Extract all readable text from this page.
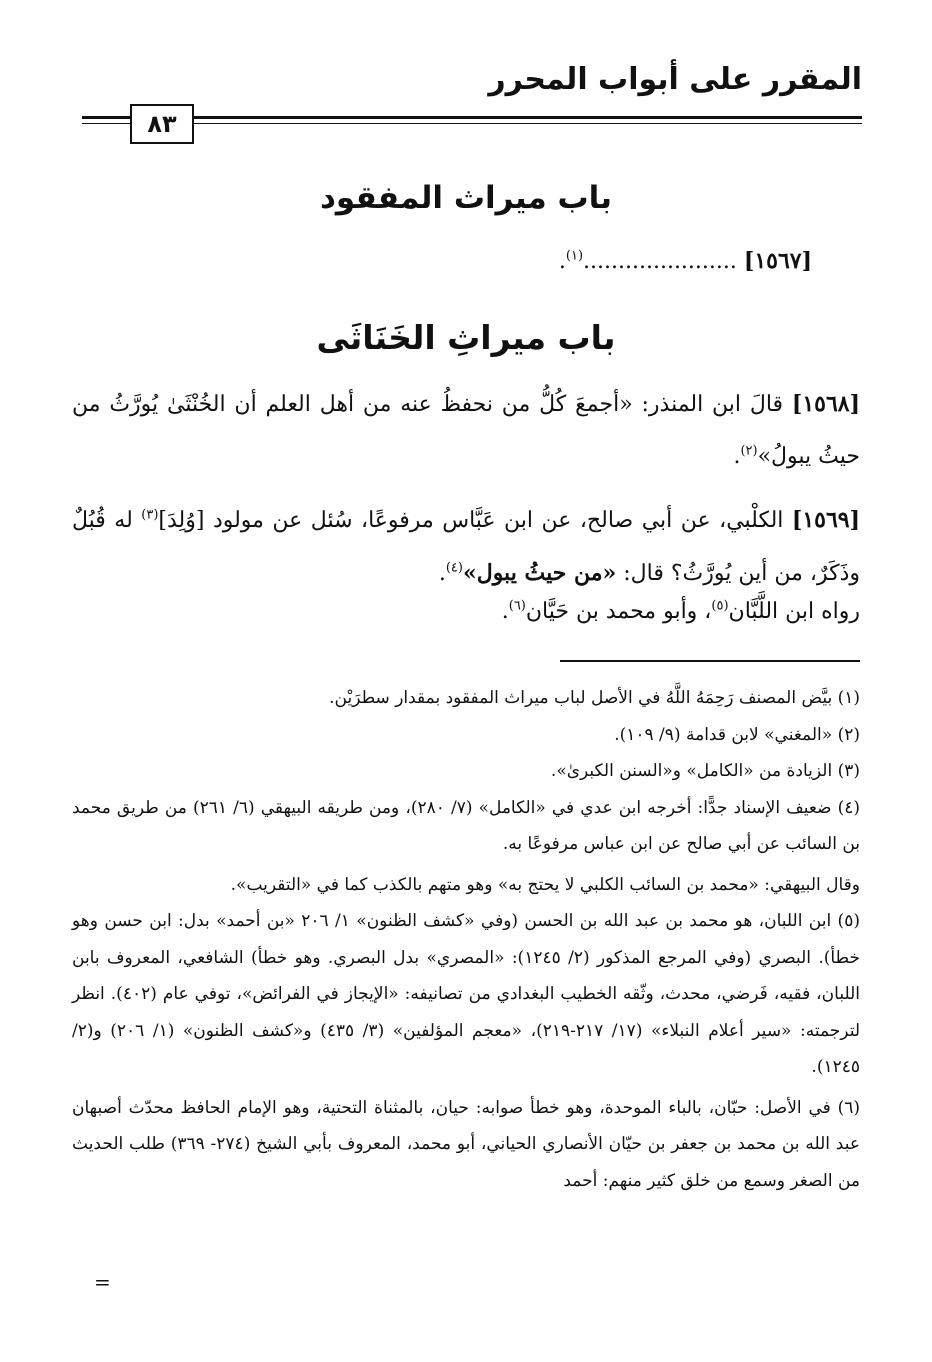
المقرر على أبواب المحرر
٨٣
باب ميراث المفقود
[١٥٦٧] ......................$^{(١)}$.
باب ميراثِ الخَنَاثَى
[١٥٦٨] قالَ ابن المنذر: «أجمعَ كُلُّ من نحفظُ عنه من أهل العلم أن الخُنْثَىٰ يُورَّثُ من حيثُ يبولُ»$^{(٢)}$.
[١٥٦٩] الكلْبي، عن أبي صالح، عن ابن عَبَّاس مرفوعًا، سُئل عن مولود [وُلِدَ]$^{(٣)}$ له قُبُلٌ وذَكَرٌ، من أين يُورَّثُ؟ قال: «من حيثُ يبول»$^{(٤)}$.
رواه ابن اللَّبَّان$^{(٥)}$، وأبو محمد بن حَيَّان$^{(٦)}$.

(١) بيَّض المصنف رَحِمَهُ اللَّهُ في الأصل لباب ميراث المفقود بمقدار سطرَيْن.

(٢) «المغني» لابن قدامة (٩/ ١٠٩).

(٣) الزيادة من «الكامل» و«السنن الكبرىٰ».

(٤) ضعيف الإسناد جدًّا: أخرجه ابن عدي في «الكامل» (٧/ ٢٨٠)، ومن طريقه البيهقي (٦/ ٢٦١) من طريق محمد بن السائب عن أبي صالح عن ابن عباس مرفوعًا به.

وقال البيهقي: «محمد بن السائب الكلبي لا يحتج به» وهو متهم بالكذب كما في «التقريب».

(٥) ابن اللبان، هو محمد بن عبد الله بن الحسن (وفي «كشف الظنون» ١/ ٢٠٦ «بن أحمد» بدل: ابن حسن وهو خطأ). البصري (وفي المرجع المذكور (٢/ ١٢٤٥): «المصري» بدل البصري. وهو خطأ) الشافعي، المعروف بابن اللبان، فقيه، فَرضي، محدث، وثّقه الخطيب البغدادي من تصانيفه: «الإيجاز في الفرائض»، توفي عام (٤٠٢). انظر لترجمته: «سير أعلام النبلاء» (١٧/ ٢١٧-٢١٩)، «معجم المؤلفين» (٣/ ٤٣٥) و«كشف الظنون» (١/ ٢٠٦) و(٢/ ١٢٤٥).

(٦) في الأصل: حبّان، بالباء الموحدة، وهو خطأ صوابه: حيان، بالمثناة التحتية، وهو الإمام الحافظ محدّث أصبهان عبد الله بن محمد بن جعفر بن حيّان الأنصاري الحياني، أبو محمد، المعروف بأبي الشيخ (٢٧٤- ٣٦٩) طلب الحديث من الصغر وسمع من خلق كثير منهم: أحمد

=
